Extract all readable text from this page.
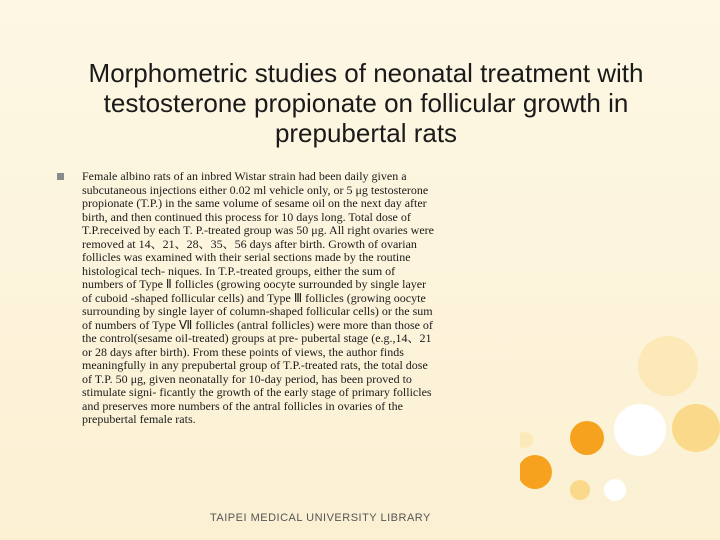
Morphometric studies of neonatal treatment with testosterone propionate on follicular growth in prepubertal rats

Female albino rats of an inbred Wistar strain had been daily given a subcutaneous injections either 0.02 ml vehicle only, or 5 μg testosterone propionate (T.P.) in the same volume of sesame oil on the next day after birth, and then continued this process for 10 days long. Total dose of T.P.received by each T. P.-treated group was 50 μg. All right ovaries were removed at 14、21、28、35、56 days after birth. Growth of ovarian follicles was examined with their serial sections made by the routine histological tech- niques. In T.P.-treated groups, either the sum of numbers of Type Ⅱ follicles (growing oocyte surrounded by single layer of cuboid -shaped follicular cells) and Type Ⅲ follicles (growing oocyte surrounding by single layer of column-shaped follicular cells) or the sum of numbers of Type Ⅶ follicles (antral follicles) were more than those of the control(sesame oil-treated) groups at pre- pubertal stage (e.g.,14、21 or 28 days after birth). From these points of views, the author finds meaningfully in any prepubertal group of T.P.-treated rats, the total dose of T.P. 50 μg, given neonatally for 10-day period, has been proved to stimulate signi- ficantly the growth of the early stage of primary follicles and preserves more numbers of the antral follicles in ovaries of the prepubertal female rats.

TAIPEI MEDICAL UNIVERSITY LIBRARY
